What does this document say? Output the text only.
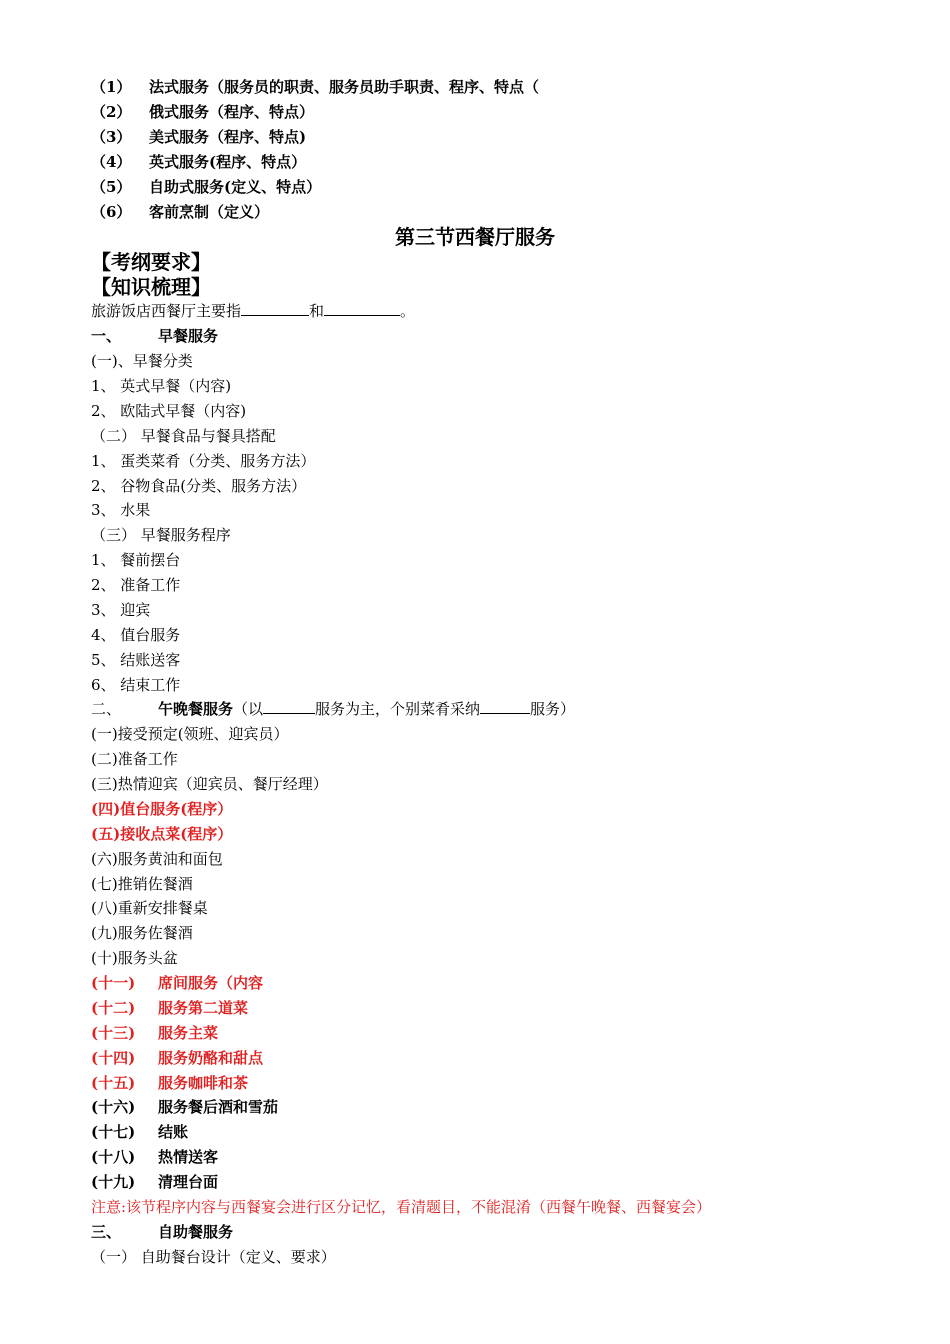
（1） 法式服务（服务员的职责、服务员助手职责、程序、特点（
（2） 俄式服务（程序、特点）
（3） 美式服务（程序、特点)
（4） 英式服务(程序、特点）
（5） 自助式服务(定义、特点）
（6） 客前烹制（定义）
第三节西餐厅服务
【考纲要求】
【知识梳理】
旅游饭店西餐厅主要指	和	。
一、 早餐服务
(一)、早餐分类
1、 英式早餐（内容)
2、 欧陆式早餐（内容)
（二） 早餐食品与餐具搭配
1、 蛋类菜肴（分类、服务方法）
2、 谷物食品(分类、服务方法）
3、 水果
（三） 早餐服务程序
1、 餐前摆台
2、 准备工作
3、 迎宾
4、 值台服务
5、 结账送客
6、 结束工作
二、 午晚餐服务（以	服务为主，个别菜肴采纳	服务）
(一)接受预定(领班、迎宾员）
(二)准备工作
(三)热情迎宾（迎宾员、餐厅经理）
(四)值台服务(程序）
(五)接收点菜(程序）
(六)服务黄油和面包
(七)推销佐餐酒
(八)重新安排餐桌
(九)服务佐餐酒
(十)服务头盆
(十一) 席间服务（内容
(十二) 服务第二道菜
(十三) 服务主菜
(十四) 服务奶酪和甜点
(十五) 服务咖啡和茶
(十六) 服务餐后酒和雪茄
(十七) 结账
(十八) 热情送客
(十九) 清理台面
注意:该节程序内容与西餐宴会进行区分记忆，看清题目，不能混淆（西餐午晚餐、西餐宴会）
三、 自助餐服务
（一） 自助餐台设计（定义、要求）
